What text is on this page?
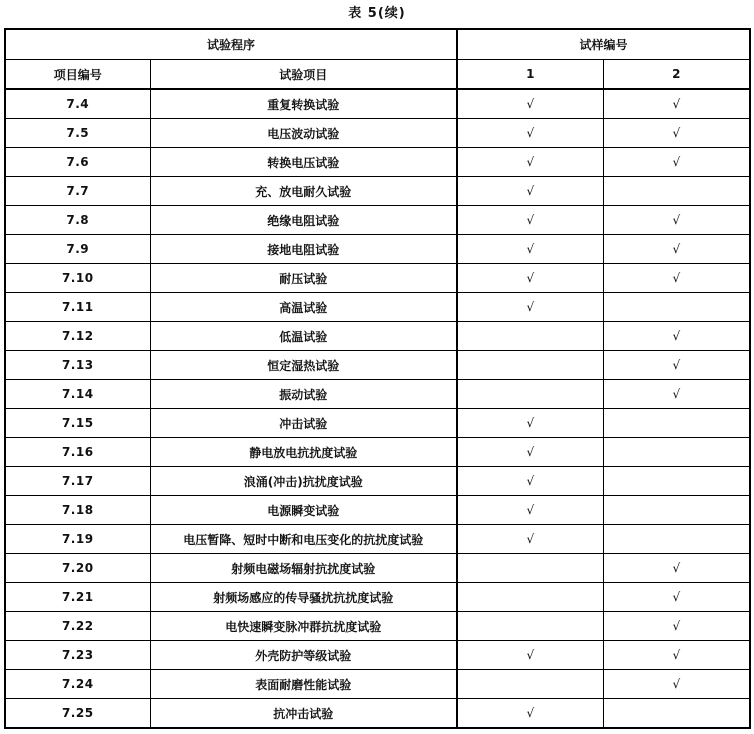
表 5(续)
试验程序		试样编号	
项目编号	试验项目	1	2
7.4	重复转换试验	√	√
7.5	电压波动试验	√	√
7.6	转换电压试验	√	√
7.7	充、放电耐久试验	√	
7.8	绝缘电阻试验	√	√
7.9	接地电阻试验	√	√
7.10	耐压试验	√	√
7.11	高温试验	√	
7.12	低温试验		√
7.13	恒定湿热试验		√
7.14	振动试验		√
7.15	冲击试验	√	
7.16	静电放电抗扰度试验	√	
7.17	浪涌(冲击)抗扰度试验	√	
7.18	电源瞬变试验	√	
7.19	电压暂降、短时中断和电压变化的抗扰度试验	√	
7.20	射频电磁场辐射抗扰度试验		√
7.21	射频场感应的传导骚扰抗扰度试验		√
7.22	电快速瞬变脉冲群抗扰度试验		√
7.23	外壳防护等级试验	√	√
7.24	表面耐磨性能试验		√
7.25	抗冲击试验	√	
